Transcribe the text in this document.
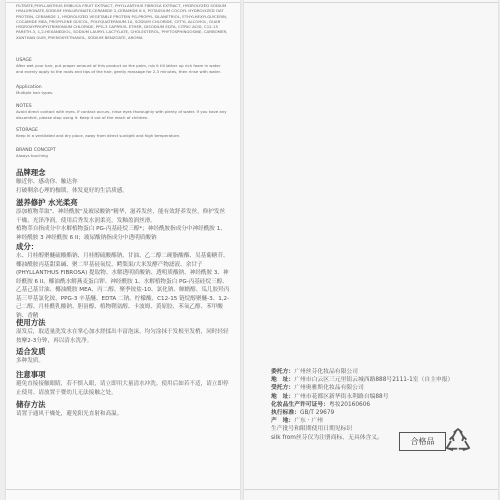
FILTRATE,PHYLLANTHUS EMBLICA FRUIT EXTRACT, PHYLLANTHUS FIBROSA EXTRACT, HYDROLYZED SODIUM HYALURONATE,SODIUM HYALURONATE,CERAMIDE 2,CERAMIDE 6 II, POTASSIUM COCOYL HYDROLYZED OAT PROTEIN, CERAMIDE 1, HYDROLYZED VEGETABLE PROTEIN PG-PROPYL SILANETRIOL, ETHYLHEXYLGLYCERIN, COCAMIDE MEA, PROPYLENE GLYCOL, POLYQUATERNIUM-10, SODIUM CHLORIDE, CETYL ALCOHOL, GUAR HYDROXYPROPYLTRIMONIUM CHLORIDE, PPG-3 CAPRYLYL ETHER, DISODIUM EDTA, CITRIC ACID, C12-15 PARETH-3, 1,2-HEXANEDIOL, SODIUM LAURYL LACTYLATE, CHOLESTEROL, PHYTOSPHINGOSINE, CARBOMER, XANTHAN GUM, PHENOXYETHANOL, SODIUM BENZOATE, AROMA

USAGE

After wet your hair, put proper amount of this product on the palm, rub it till lather up rich foam in water and evenly apply to the roots and tips of the hair, gently massage for 2-3 minutes, then rinse with water.

Application

Multiple hair types.

NOTES

Avoid direct contact with eyes. If contact occurs, rinse eyes thoroughly with plenty of water. If you have any discomfort, please stop using it. Keep it out of the reach of children.

STORAGE

Keep in a ventilated and dry place, away from direct sunlight and high temperature.

BRAND CONCEPT

Always touching

品牌理念

触近你、感动你、触达你
打破剩余心理的枷锁，体发更好的生活质感。

滋养修护 水光柔亮

添加植物萃取"、神经酰胺"及玻尿酸钠"精华，滋养发丝，能有效舒养发丝，修护发丝干燥，光泽净润，使用后秀发水润柔亮，发釉盈润丝滑。
植物萃自指成分中水解植物蛋白 PG-丙基硅烷三醇*；神经酰胺指成分中神经酰胺 1、神经酰胺 3 神经酰胺 6 II；玻尿酸钠指成分中透明质酸钠

成分：

水、月桂醇聚醚硫酸酯钠、月桂醇硫酸酯钠、甘油、乙二醇二硬脂酸酯、吴基葡糖苷、椰油酰胺丙基甜菜碱、聚二甲基硅氧烷、鳄梨果/大米发酵产物滤液、余甘子 (PHYLLANTHUS FIBROSA) 提取物、水解透明质酸钠、透明质酸钠、神经酰胺 3、神经酰胺 6 II、椰油酰水解燕麦蛋白钾、神经酰胺 1、水解植物蛋白 PG-丙基硅烷三醇、乙基己基甘油、椰油酰胺 MEA、丙二醇、聚季铵盐-10、氯化钠、鲸蜡醇、瓜儿胶羟丙基三甲基氯化铵、PPG-3 辛基醚、EDTA 二钠、柠檬酸、C12-15 链烷醇聚醚-3、1,2-己二醇、月桂酰乳酸钠、胆甾醇、植物鞘氨醇、卡波姆、黄原胶、苯氧乙醇、苯甲酸钠、香精

使用方法

湿发后，取适量洗发水在掌心加水搓揉出丰富泡沫，均匀涂抹于发根至发梢，同时轻轻按摩2-3分钟，再以清水洗净。

适合发质

多种发质。

注意事项

避免直接接触眼睛，若不慎入眼，请立即用大量清水冲洗。使用后如若不适，请立即停止使用。请放置于婴幼儿无法接触之处。

储存方法

请置于通风干燥处，避免阳光直射和高温。

委托方：广州丝芬化妆品有限公司

地　址：广州市白云区三元里街云城西路888号2111-1室（自主申报）

受托方：广州奥雅斯化妆品有限公司

地　址：广州市花都区新华街永利路自编88号

化妆品生产许可证号：粤妆20160606

执行标准：GB/T 29679

产　地：广东 · 广州

生产批号和限期使用日期见标识

silk from丝芬仅为注册商标，无具体含义。	合格品
